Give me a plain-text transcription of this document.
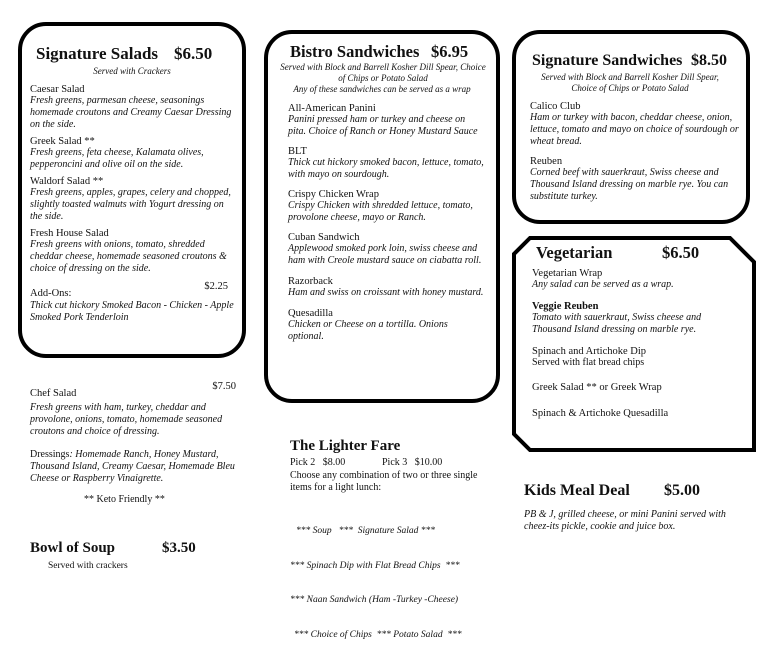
Signature Salads $6.50
Served with Crackers
Caesar Salad
Fresh greens, parmesan cheese, seasonings homemade croutons and Creamy Caesar Dressing on the side.
Greek Salad **
Fresh greens, feta cheese, Kalamata olives, pepperoncini and olive oil on the side.
Waldorf Salad **
Fresh greens, apples, grapes, celery and chopped, slightly toasted walmuts with Yogurt dressing on the side.
Fresh House Salad
Fresh greens with onions, tomato, shredded cheddar cheese, homemade seasoned croutons & choice of dressing on the side.
Add-Ons:
$2.25
Thick cut hickory Smoked Bacon - Chicken - Apple Smoked Pork Tenderloin
Chef Salad
$7.50
Fresh greens with ham, turkey, cheddar and provolone, onions, tomato, homemade seasoned croutons and choice of dressing.
Dressings: Homemade Ranch, Honey Mustard, Thousand Island, Creamy Caesar, Homemade Bleu Cheese or Raspberry Vinaigrette.
** Keto Friendly **
Bowl of Soup	$3.50
Served with crackers
Bistro Sandwiches $6.95
Served with Block and Barrell Kosher Dill Spear, Choice of Chips or Potato Salad
Any of these sandwiches can be served as a wrap
All-American Panini
Panini pressed ham or turkey and cheese on pita. Choice of Ranch or Honey Mustard Sauce
BLT
Thick cut hickory smoked bacon, lettuce, tomato, with mayo on sourdough.
Crispy Chicken Wrap
Crispy Chicken with shredded lettuce, tomato, provolone cheese, mayo or Ranch.
Cuban Sandwich
Applewood smoked pork loin, swiss cheese and ham with Creole mustard sauce on ciabatta roll.
Razorback
Ham and swiss on croissant with honey mustard.
Quesadilla
Chicken or Cheese on a tortilla. Onions optional.
The Lighter Fare
Pick 2   $8.00	Pick 3   $10.00
Choose any combination of two or three single items for a light lunch:

*** Soup   ***  Signature Salad ***

*** Spinach Dip with Flat Bread Chips  ***

*** Naan Sandwich (Ham -Turkey -Cheese)

*** Choice of Chips  *** Potato Salad  ***

Signature Sandwiches $8.50
Served with Block and Barrell Kosher Dill Spear, Choice of Chips or Potato Salad
Calico Club
Ham or turkey with bacon, cheddar cheese, onion, lettuce, tomato and mayo on choice of sourdough or wheat bread.
Reuben
Corned beef with sauerkraut, Swiss cheese and Thousand Island dressing on marble rye. You can substitute turkey.
Vegetarian	$6.50
Vegetarian Wrap
Any salad can be served as a wrap.
Veggie Reuben
Tomato with sauerkraut, Swiss cheese and Thousand Island dressing on marble rye.
Spinach and Artichoke Dip
Served with flat bread chips
Greek Salad ** or Greek Wrap
Spinach & Artichoke Quesadilla
Kids Meal Deal $5.00
PB & J, grilled cheese, or mini Panini served with cheez-its pickle, cookie and juice box.
